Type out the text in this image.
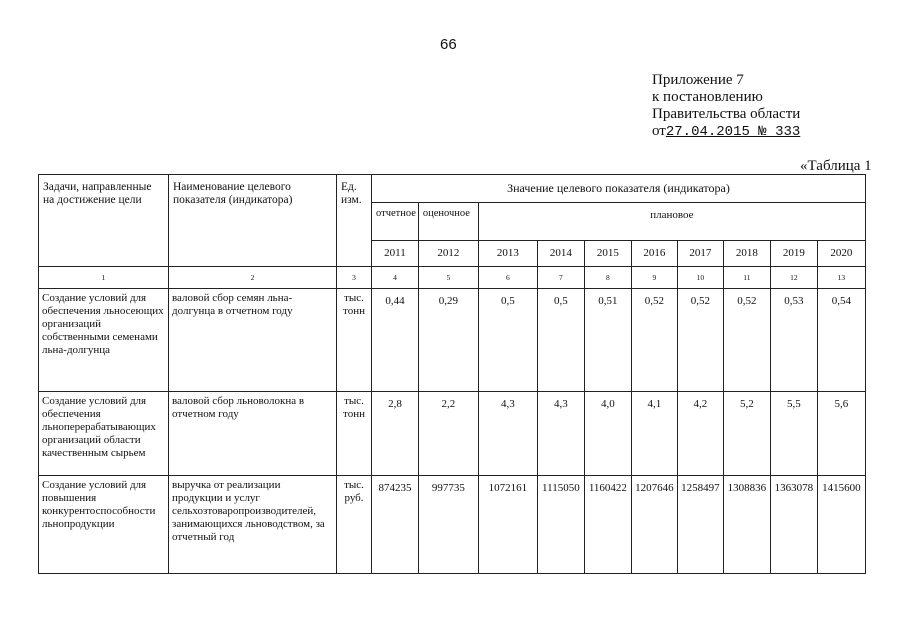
66
Приложение 7
к постановлению
Правительства области
от27.04.2015 № 333
«Таблица 1
Задачи, направленные на достижение цели	Наименование целевого показателя (индикатора)	Ед. изм.	Значение целевого показателя (индикатора)									
			отчетное	оценочное	плановое							
			2011	2012	2013	2014	2015	2016	2017	2018	2019	2020
1	2	3	4	5	6	7	8	9	10	11	12	13
Создание условий для обеспечения льносеющих организаций собственными семенами льна-долгунца	валовой сбор семян льна-долгунца в отчетном году	тыс. тонн	0,44	0,29	0,5	0,5	0,51	0,52	0,52	0,52	0,53	0,54
Создание условий для обеспечения льноперерабатывающих организаций области качественным сырьем	валовой сбор льноволокна в отчетном году	тыс. тонн	2,8	2,2	4,3	4,3	4,0	4,1	4,2	5,2	5,5	5,6
Создание условий для повышения конкурентоспособности льнопродукции	выручка от реализации продукции и услуг сельхозтоваропроизводителей, занимающихся льноводством, за отчетный год	тыс. руб.	874235	997735	1072161	1115050	1160422	1207646	1258497	1308836	1363078	1415600
